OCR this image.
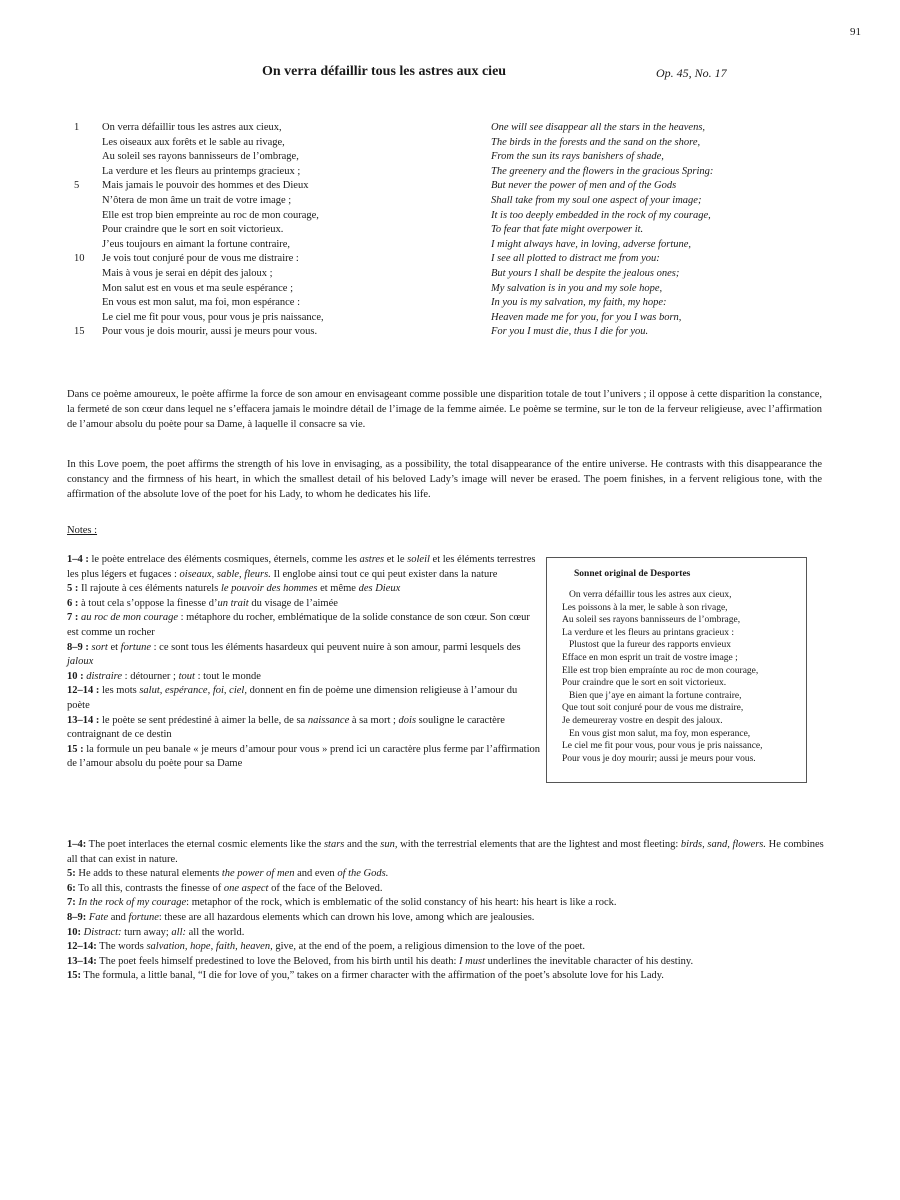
91
On verra défaillir tous les astres aux cieu	Op. 45, No. 17
1
5
10
15
On verra défaillir tous les astres aux cieux,
Les oiseaux aux forêts et le sable au rivage,
Au soleil ses rayons bannisseurs de l’ombrage,
La verdure et les fleurs au printemps gracieux ;
Mais jamais le pouvoir des hommes et des Dieux
N’ôtera de mon âme un trait de votre image ;
Elle est trop bien empreinte au roc de mon courage,
Pour craindre que le sort en soit victorieux.
J’eus toujours en aimant la fortune contraire,
Je vois tout conjuré pour de vous me distraire :
Mais à vous je serai en dépit des jaloux ;
Mon salut est en vous et ma seule espérance ;
En vous est mon salut, ma foi, mon espérance :
Le ciel me fit pour vous, pour vous je pris naissance,
Pour vous je dois mourir, aussi je meurs pour vous.
One will see disappear all the stars in the heavens,
The birds in the forests and the sand on the shore,
From the sun its rays banishers of shade,
The greenery and the flowers in the gracious Spring:
But never the power of men and of the Gods
Shall take from my soul one aspect of your image;
It is too deeply embedded in the rock of my courage,
To fear that fate might overpower it.
I might always have, in loving, adverse fortune,
I see all plotted to distract me from you:
But yours I shall be despite the jealous ones;
My salvation is in you and my sole hope,
In you is my salvation, my faith, my hope:
Heaven made me for you, for you I was born,
For you I must die, thus I die for you.
Dans ce poème amoureux, le poète affirme la force de son amour en envisageant comme possible une disparition totale de tout l’univers ; il oppose à cette disparition la constance, la fermeté de son cœur dans lequel ne s’effacera jamais le moindre détail de l’image de la femme aimée. Le poème se termine, sur le ton de la ferveur religieuse, avec l’affirmation de l’amour absolu du poète pour sa Dame, à laquelle il consacre sa vie.
In this Love poem, the poet affirms the strength of his love in envisaging, as a possibility, the total disappearance of the entire universe. He contrasts with this disappearance the constancy and the firmness of his heart, in which the smallest detail of his beloved Lady’s image will never be erased. The poem finishes, in a fervent religious tone, with the affirmation of the absolute love of the poet for his Lady, to whom he dedicates his life.
Notes :
1–4 : le poète entrelace des éléments cosmiques, éternels, comme les astres et le soleil et les éléments terrestres les plus légers et fugaces : oiseaux, sable, fleurs. Il englobe ainsi tout ce qui peut exister dans la nature
5 : Il rajoute à ces éléments naturels le pouvoir des hommes et même des Dieux
6 : à tout cela s’oppose la finesse d’un trait du visage de l’aimée
7 : au roc de mon courage : métaphore du rocher, emblématique de la solide constance de son cœur. Son cœur est comme un rocher
8–9 : sort et fortune : ce sont tous les éléments hasardeux qui peuvent nuire à son amour, parmi lesquels des jaloux
10 : distraire : détourner ; tout : tout le monde
12–14 : les mots salut, espérance, foi, ciel, donnent en fin de poème une dimension religieuse à l’amour du poète
13–14 : le poète se sent prédestiné à aimer la belle, de sa naissance à sa mort ; dois souligne le caractère contraignant de ce destin
15 : la formule un peu banale « je meurs d’amour pour vous » prend ici un caractère plus ferme par l’affirmation de l’amour absolu du poète pour sa Dame
Sonnet original de Desportes
On verra défaillir tous les astres aux cieux,
Les poissons à la mer, le sable à son rivage,
Au soleil ses rayons bannisseurs de l’ombrage,
La verdure et les fleurs au printans gracieux :
Plustost que la fureur des rapports envieux
Efface en mon esprit un trait de vostre image ;
Elle est trop bien empraínte au roc de mon courage,
Pour craindre que le sort en soit victorieux.
Bien que j’aye en aimant la fortune contraire,
Que tout soit conjuré pour de vous me distraire,
Je demeureray vostre en despit des jaloux.
En vous gist mon salut, ma foy, mon esperance,
Le ciel me fit pour vous, pour vous je pris naissance,
Pour vous je doy mourir; aussi je meurs pour vous.
1–4: The poet interlaces the eternal cosmic elements like the stars and the sun, with the terrestrial elements that are the lightest and most fleeting: birds, sand, flowers. He combines all that can exist in nature.
5: He adds to these natural elements the power of men and even of the Gods.
6: To all this, contrasts the finesse of one aspect of the face of the Beloved.
7: In the rock of my courage: metaphor of the rock, which is emblematic of the solid constancy of his heart: his heart is like a rock.
8–9: Fate and fortune: these are all hazardous elements which can drown his love, among which are jealousies.
10: Distract: turn away; all: all the world.
12–14: The words salvation, hope, faith, heaven, give, at the end of the poem, a religious dimension to the love of the poet.
13–14: The poet feels himself predestined to love the Beloved, from his birth until his death: I must underlines the inevitable character of his destiny.
15: The formula, a little banal, “I die for love of you,” takes on a firmer character with the affirmation of the poet’s absolute love for his Lady.
